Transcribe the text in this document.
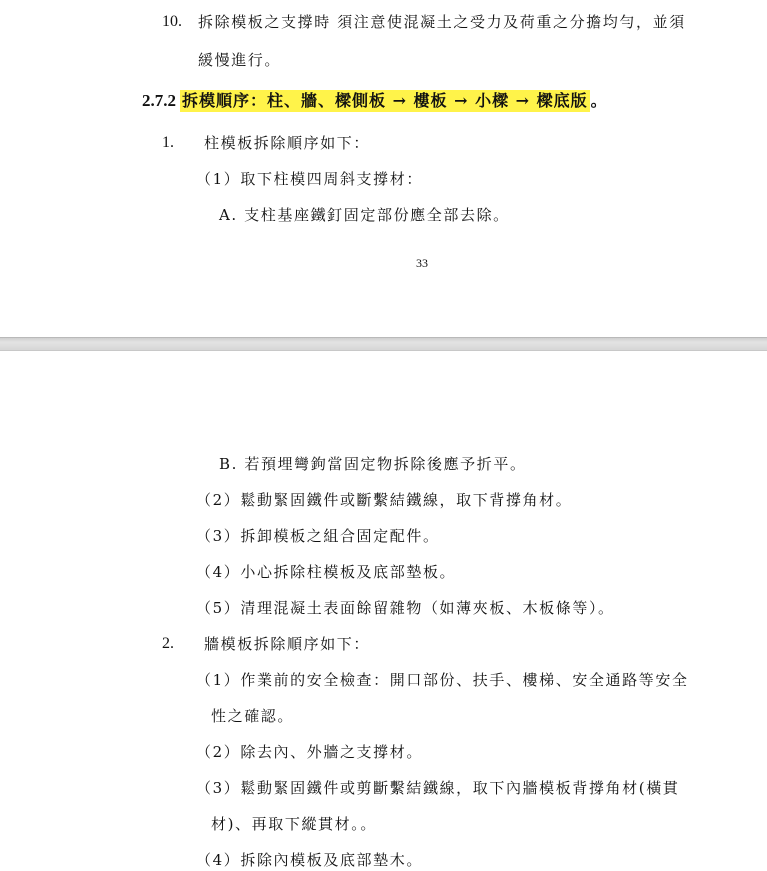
10. 拆除模板之支撐時 須注意使混凝土之受力及荷重之分擔均勻，並須
緩慢進行。
2.7.2 拆模順序：柱、牆、樑側板 → 樓板 → 小樑 → 樑底版 。
1. 柱模板拆除順序如下：
（1）取下柱模四周斜支撐材：
A. 支柱基座鐵釘固定部份應全部去除。
33
B. 若預埋彎鉤當固定物拆除後應予折平。
（2）鬆動緊固鐵件或斷繫結鐵線，取下背撐角材。
（3）拆卸模板之組合固定配件。
（4）小心拆除柱模板及底部墊板。
（5）清理混凝土表面餘留雜物（如薄夾板、木板條等）。
2. 牆模板拆除順序如下：
（1）作業前的安全檢查：開口部份、扶手、樓梯、安全通路等安全
性之確認。
（2）除去內、外牆之支撐材。
（3）鬆動緊固鐵件或剪斷繫結鐵線，取下內牆模板背撐角材(橫貫
材)、再取下縱貫材。。
（4）拆除內模板及底部墊木。
